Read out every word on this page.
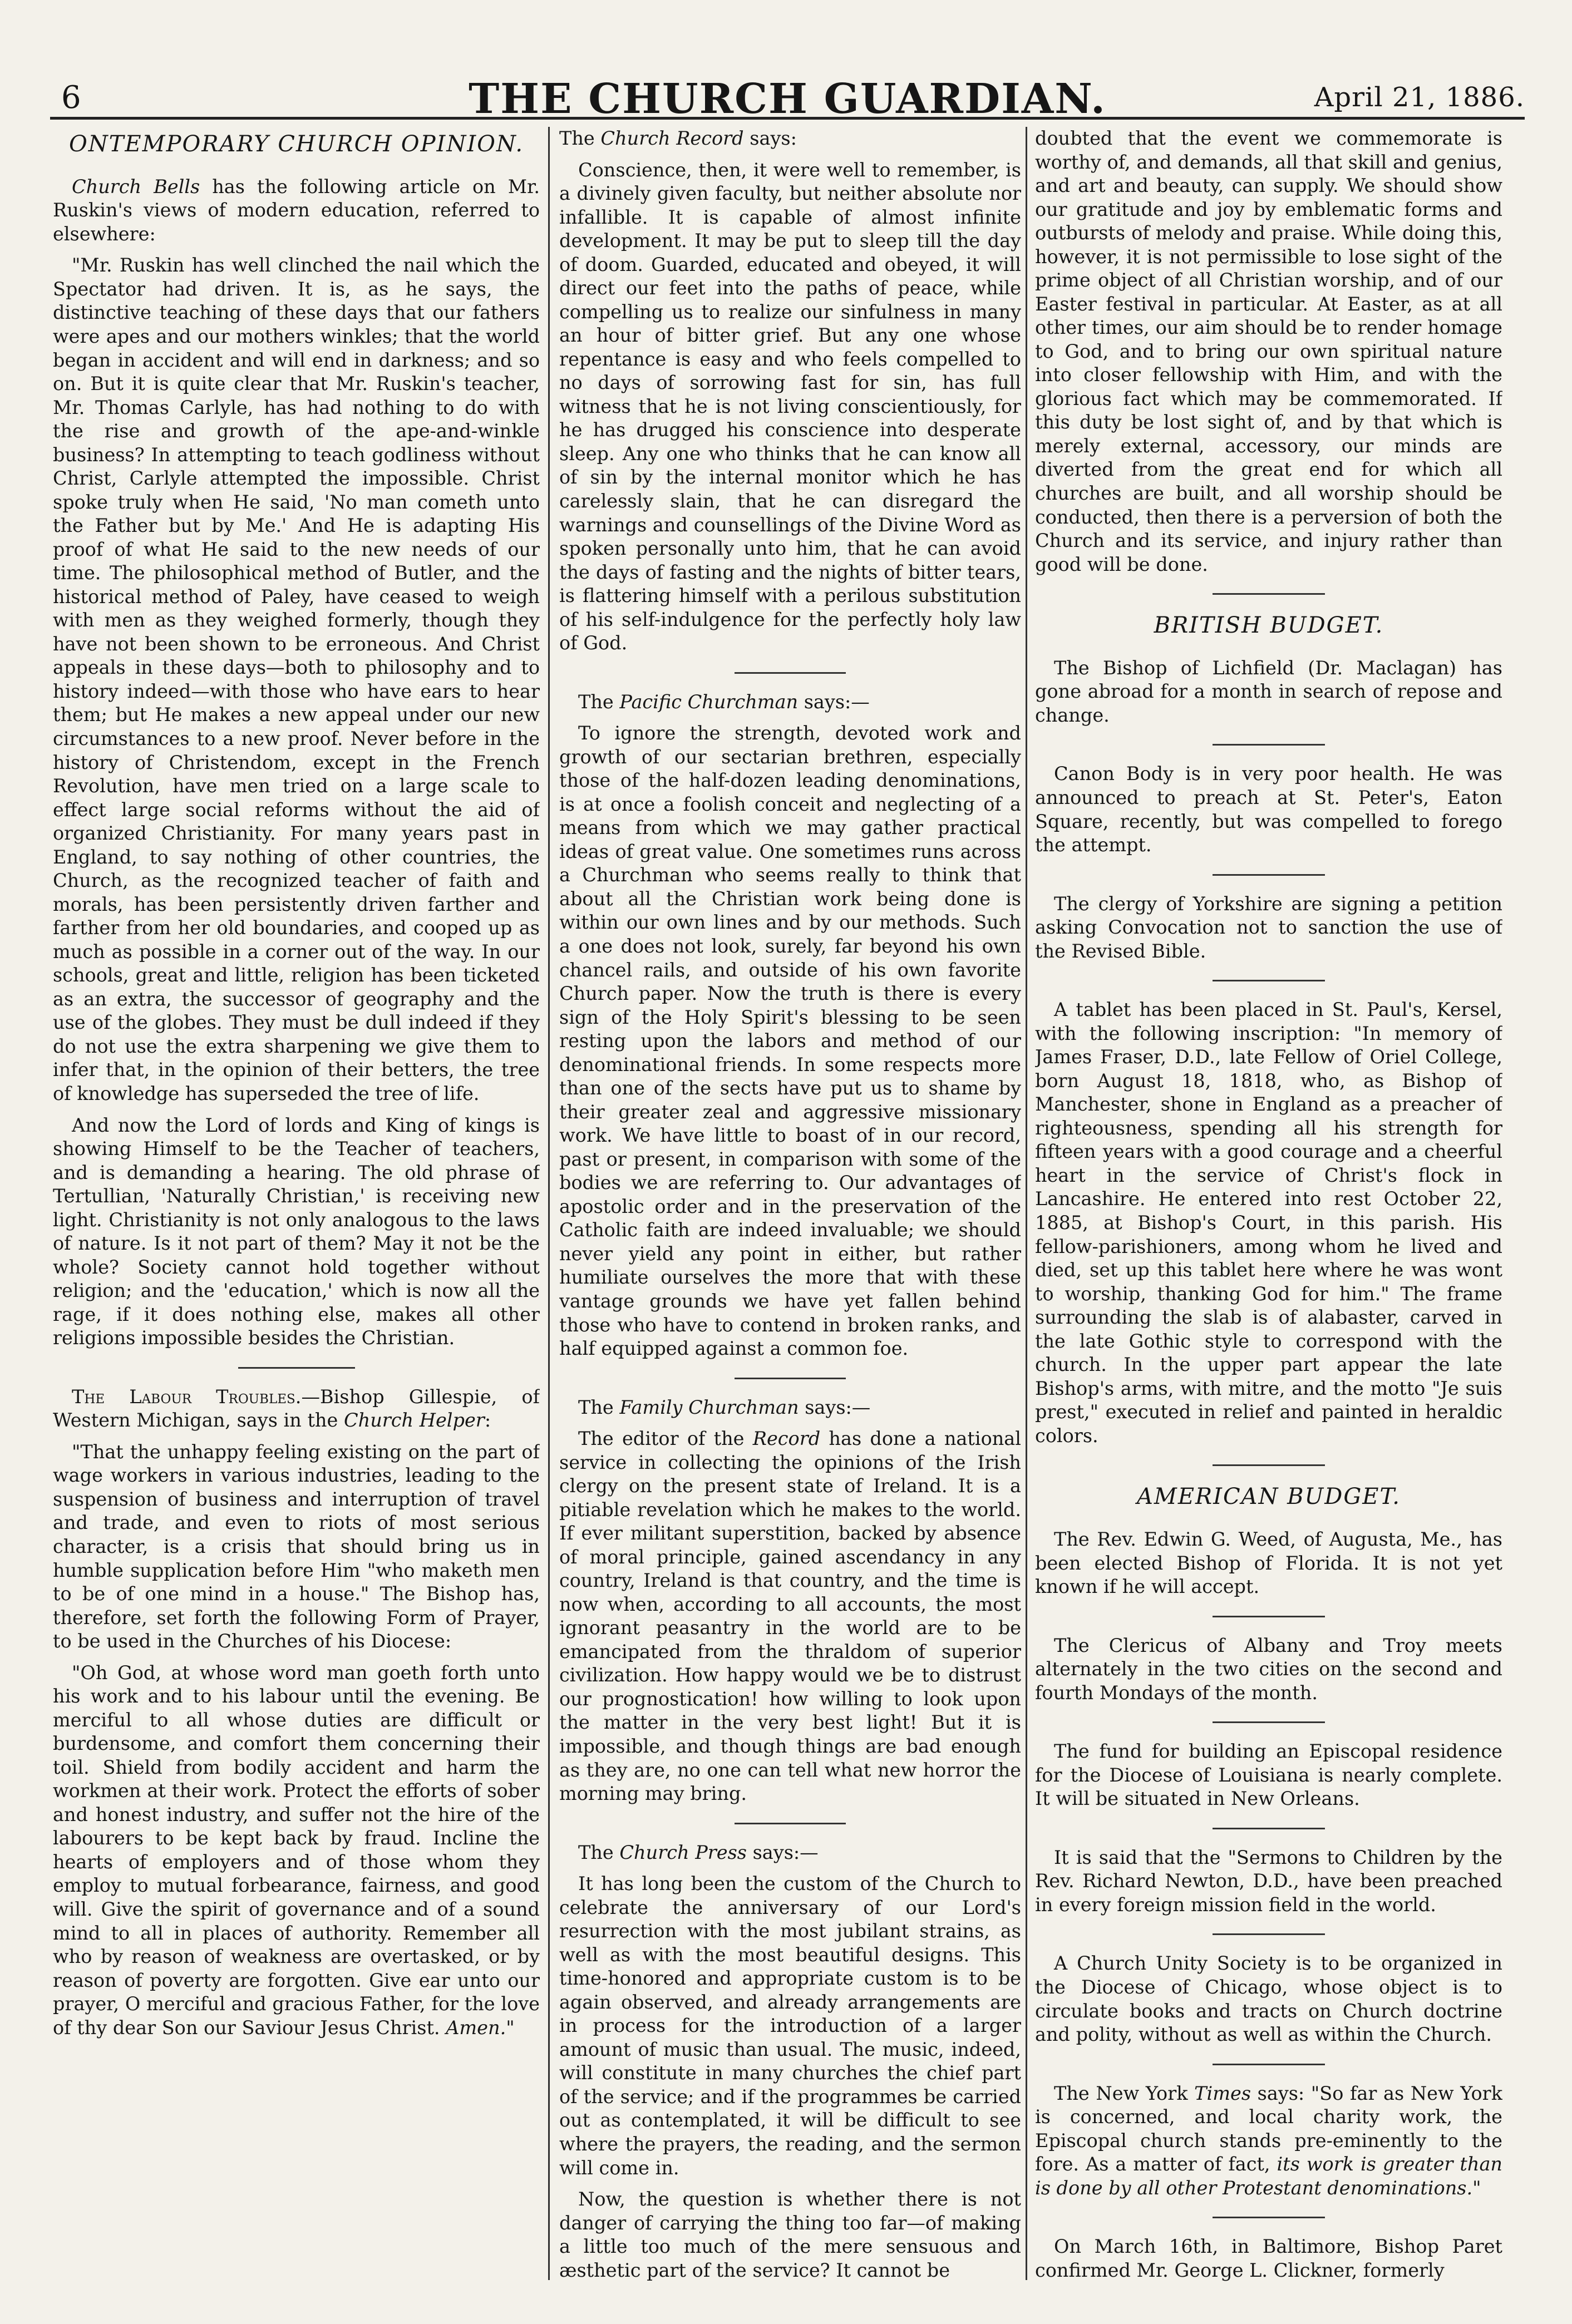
6	THE CHURCH GUARDIAN.	April 21, 1886.
ONTEMPORARY CHURCH OPINION.

Church Bells has the following article on Mr. Ruskin's views of modern education, referred to elsewhere:

"Mr. Ruskin has well clinched the nail which the Spectator had driven. It is, as he says, the distinctive teaching of these days that our fathers were apes and our mothers winkles; that the world began in accident and will end in darkness; and so on. But it is quite clear that Mr. Ruskin's teacher, Mr. Thomas Carlyle, has had nothing to do with the rise and growth of the ape-and-winkle business? In attempting to teach godliness without Christ, Carlyle attempted the impossible. Christ spoke truly when He said, 'No man cometh unto the Father but by Me.' And He is adapting His proof of what He said to the new needs of our time. The philosophical method of Butler, and the historical method of Paley, have ceased to weigh with men as they weighed formerly, though they have not been shown to be erroneous. And Christ appeals in these days—both to philosophy and to history indeed—with those who have ears to hear them; but He makes a new appeal under our new circumstances to a new proof. Never before in the history of Christendom, except in the French Revolution, have men tried on a large scale to effect large social reforms without the aid of organized Christianity. For many years past in England, to say nothing of other countries, the Church, as the recognized teacher of faith and morals, has been persistently driven farther and farther from her old boundaries, and cooped up as much as possible in a corner out of the way. In our schools, great and little, religion has been ticketed as an extra, the successor of geography and the use of the globes. They must be dull indeed if they do not use the extra sharpening we give them to infer that, in the opinion of their betters, the tree of knowledge has superseded the tree of life.

And now the Lord of lords and King of kings is showing Himself to be the Teacher of teachers, and is demanding a hearing. The old phrase of Tertullian, 'Naturally Christian,' is receiving new light. Christianity is not only analogous to the laws of nature. Is it not part of them? May it not be the whole? Society cannot hold together without religion; and the 'education,' which is now all the rage, if it does nothing else, makes all other religions impossible besides the Christian.

The Labour Troubles.—Bishop Gillespie, of Western Michigan, says in the Church Helper:

"That the unhappy feeling existing on the part of wage workers in various industries, leading to the suspension of business and interruption of travel and trade, and even to riots of most serious character, is a crisis that should bring us in humble supplication before Him "who maketh men to be of one mind in a house." The Bishop has, therefore, set forth the following Form of Prayer, to be used in the Churches of his Diocese:

"Oh God, at whose word man goeth forth unto his work and to his labour until the evening. Be merciful to all whose duties are difficult or burdensome, and comfort them concerning their toil. Shield from bodily accident and harm the workmen at their work. Protect the efforts of sober and honest industry, and suffer not the hire of the labourers to be kept back by fraud. Incline the hearts of employers and of those whom they employ to mutual forbearance, fairness, and good will. Give the spirit of governance and of a sound mind to all in places of authority. Remember all who by reason of weakness are overtasked, or by reason of poverty are forgotten. Give ear unto our prayer, O merciful and gracious Father, for the love of thy dear Son our Saviour Jesus Christ. Amen."

The Church Record says:

Conscience, then, it were well to remember, is a divinely given faculty, but neither absolute nor infallible. It is capable of almost infinite development. It may be put to sleep till the day of doom. Guarded, educated and obeyed, it will direct our feet into the paths of peace, while compelling us to realize our sinfulness in many an hour of bitter grief. But any one whose repentance is easy and who feels compelled to no days of sorrowing fast for sin, has full witness that he is not living conscientiously, for he has drugged his conscience into desperate sleep. Any one who thinks that he can know all of sin by the internal monitor which he has carelessly slain, that he can disregard the warnings and counsellings of the Divine Word as spoken personally unto him, that he can avoid the days of fasting and the nights of bitter tears, is flattering himself with a perilous substitution of his self-indulgence for the perfectly holy law of God.

The Pacific Churchman says:—

To ignore the strength, devoted work and growth of our sectarian brethren, especially those of the half-dozen leading denominations, is at once a foolish conceit and neglecting of a means from which we may gather practical ideas of great value. One sometimes runs across a Churchman who seems really to think that about all the Christian work being done is within our own lines and by our methods. Such a one does not look, surely, far beyond his own chancel rails, and outside of his own favorite Church paper. Now the truth is there is every sign of the Holy Spirit's blessing to be seen resting upon the labors and method of our denominational friends. In some respects more than one of the sects have put us to shame by their greater zeal and aggressive missionary work. We have little to boast of in our record, past or present, in comparison with some of the bodies we are referring to. Our advantages of apostolic order and in the preservation of the Catholic faith are indeed invaluable; we should never yield any point in either, but rather humiliate ourselves the more that with these vantage grounds we have yet fallen behind those who have to contend in broken ranks, and half equipped against a common foe.

The Family Churchman says:—

The editor of the Record has done a national service in collecting the opinions of the Irish clergy on the present state of Ireland. It is a pitiable revelation which he makes to the world. If ever militant superstition, backed by absence of moral principle, gained ascendancy in any country, Ireland is that country, and the time is now when, according to all accounts, the most ignorant peasantry in the world are to be emancipated from the thraldom of superior civilization. How happy would we be to distrust our prognostication! how willing to look upon the matter in the very best light! But it is impossible, and though things are bad enough as they are, no one can tell what new horror the morning may bring.

The Church Press says:—

It has long been the custom of the Church to celebrate the anniversary of our Lord's resurrection with the most jubilant strains, as well as with the most beautiful designs. This time-honored and appropriate custom is to be again observed, and already arrangements are in process for the introduction of a larger amount of music than usual. The music, indeed, will constitute in many churches the chief part of the service; and if the programmes be carried out as contemplated, it will be difficult to see where the prayers, the reading, and the sermon will come in.

Now, the question is whether there is not danger of carrying the thing too far—of making a little too much of the mere sensuous and æsthetic part of the service? It cannot be

doubted that the event we commemorate is worthy of, and demands, all that skill and genius, and art and beauty, can supply. We should show our gratitude and joy by emblematic forms and outbursts of melody and praise. While doing this, however, it is not permissible to lose sight of the prime object of all Christian worship, and of our Easter festival in particular. At Easter, as at all other times, our aim should be to render homage to God, and to bring our own spiritual nature into closer fellowship with Him, and with the glorious fact which may be commemorated. If this duty be lost sight of, and by that which is merely external, accessory, our minds are diverted from the great end for which all churches are built, and all worship should be conducted, then there is a perversion of both the Church and its service, and injury rather than good will be done.

BRITISH BUDGET.

The Bishop of Lichfield (Dr. Maclagan) has gone abroad for a month in search of repose and change.

Canon Body is in very poor health. He was announced to preach at St. Peter's, Eaton Square, recently, but was compelled to forego the attempt.

The clergy of Yorkshire are signing a petition asking Convocation not to sanction the use of the Revised Bible.

A tablet has been placed in St. Paul's, Kersel, with the following inscription: "In memory of James Fraser, D.D., late Fellow of Oriel College, born August 18, 1818, who, as Bishop of Manchester, shone in England as a preacher of righteousness, spending all his strength for fifteen years with a good courage and a cheerful heart in the service of Christ's flock in Lancashire. He entered into rest October 22, 1885, at Bishop's Court, in this parish. His fellow-parishioners, among whom he lived and died, set up this tablet here where he was wont to worship, thanking God for him." The frame surrounding the slab is of alabaster, carved in the late Gothic style to correspond with the church. In the upper part appear the late Bishop's arms, with mitre, and the motto "Je suis prest," executed in relief and painted in heraldic colors.

AMERICAN BUDGET.

The Rev. Edwin G. Weed, of Augusta, Me., has been elected Bishop of Florida. It is not yet known if he will accept.

The Clericus of Albany and Troy meets alternately in the two cities on the second and fourth Mondays of the month.

The fund for building an Episcopal residence for the Diocese of Louisiana is nearly complete. It will be situated in New Orleans.

It is said that the "Sermons to Children by the Rev. Richard Newton, D.D., have been preached in every foreign mission field in the world.

A Church Unity Society is to be organized in the Diocese of Chicago, whose object is to circulate books and tracts on Church doctrine and polity, without as well as within the Church.

The New York Times says: "So far as New York is concerned, and local charity work, the Episcopal church stands pre-eminently to the fore. As a matter of fact, its work is greater than is done by all other Protestant denominations."

On March 16th, in Baltimore, Bishop Paret confirmed Mr. George L. Clickner, formerly
